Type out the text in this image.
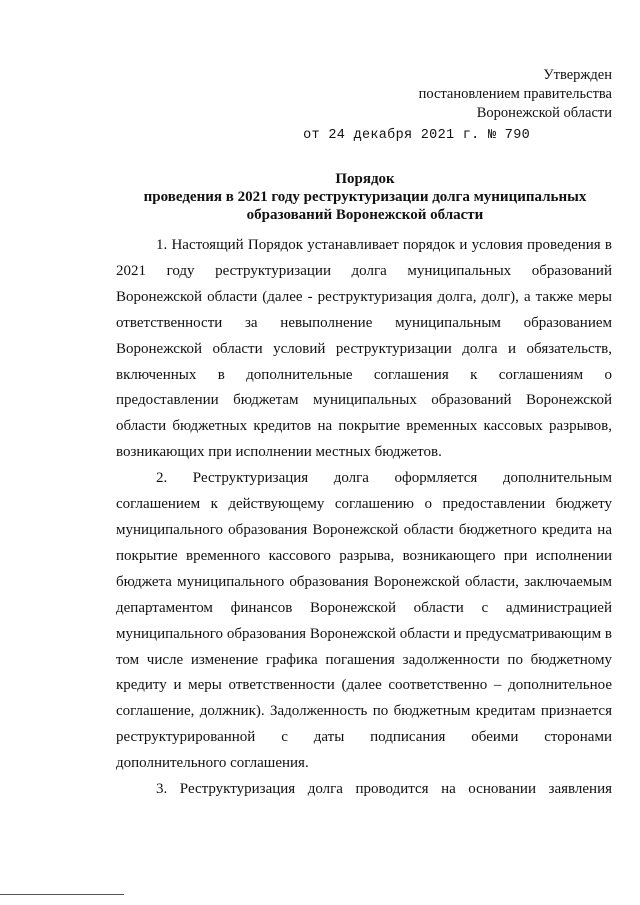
Утвержден
постановлением правительства
Воронежской области
от 24 декабря 2021 г. № 790
Порядок
проведения в 2021 году реструктуризации долга муниципальных
образований Воронежской области

1. Настоящий Порядок устанавливает порядок и условия проведения в 2021 году реструктуризации долга муниципальных образований Воронежской области (далее - реструктуризация долга, долг), а также меры ответственности за невыполнение муниципальным образованием Воронежской области условий реструктуризации долга и обязательств, включенных в дополнительные соглашения к соглашениям о предоставлении бюджетам муниципальных образований Воронежской области бюджетных кредитов на покрытие временных кассовых разрывов, возникающих при исполнении местных бюджетов.

2. Реструктуризация долга оформляется дополнительным соглашением к действующему соглашению о предоставлении бюджету муниципального образования Воронежской области бюджетного кредита на покрытие временного кассового разрыва, возникающего при исполнении бюджета муниципального образования Воронежской области, заключаемым департаментом финансов Воронежской области с администрацией муниципального образования Воронежской области и предусматривающим в том числе изменение графика погашения задолженности по бюджетному кредиту и меры ответственности (далее соответственно – дополнительное соглашение, должник). Задолженность по бюджетным кредитам признается реструктурированной с даты подписания обеими сторонами дополнительного соглашения.

3. Реструктуризация долга проводится на основании заявления
